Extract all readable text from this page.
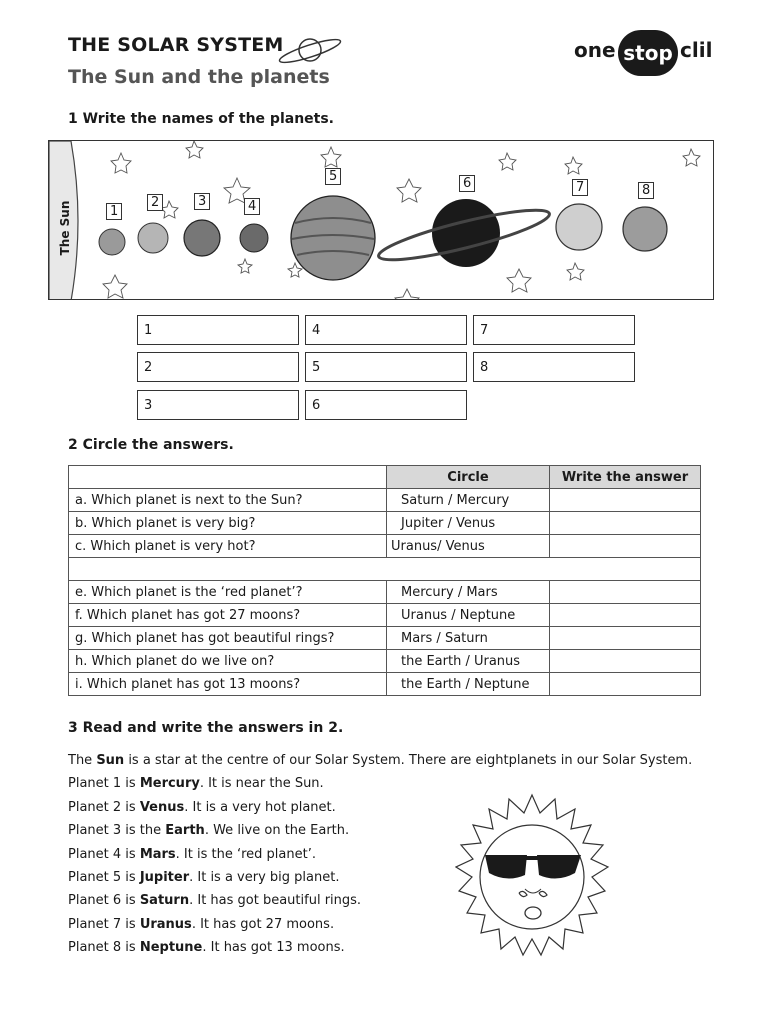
THE SOLAR SYSTEM
The Sun and the planets
one stop clil
1 Write the names of the planets.
The Sun	1
2	3	4
5	6	7	8
1	4	7
2	5	8
3	6
2 Circle the answers.
	Circle	Write the answer
a. Which planet is next to the Sun?	Saturn / Mercury	
b. Which planet is very big?	Jupiter / Venus	
c. Which planet is very hot?	Uranus/ Venus	

e. Which planet is the ‘red planet’?	Mercury / Mars	
f. Which planet has got 27 moons?	Uranus / Neptune	
g. Which planet has got beautiful rings?	Mars / Saturn	
h. Which planet do we live on?	the Earth / Uranus	
i. Which planet has got 13 moons?	the Earth / Neptune	
3 Read and write the answers in 2.
The Sun is a star at the centre of our Solar System. There are eightplanets in our Solar System.
Planet 1 is Mercury. It is near the Sun.
Planet 2 is Venus. It is a very hot planet.
Planet 3 is the Earth. We live on the Earth.
Planet 4 is Mars. It is the ‘red planet’.
Planet 5 is Jupiter. It is a very big planet.
Planet 6 is Saturn. It has got beautiful rings.
Planet 7 is Uranus. It has got 27 moons.
Planet 8 is Neptune. It has got 13 moons.
